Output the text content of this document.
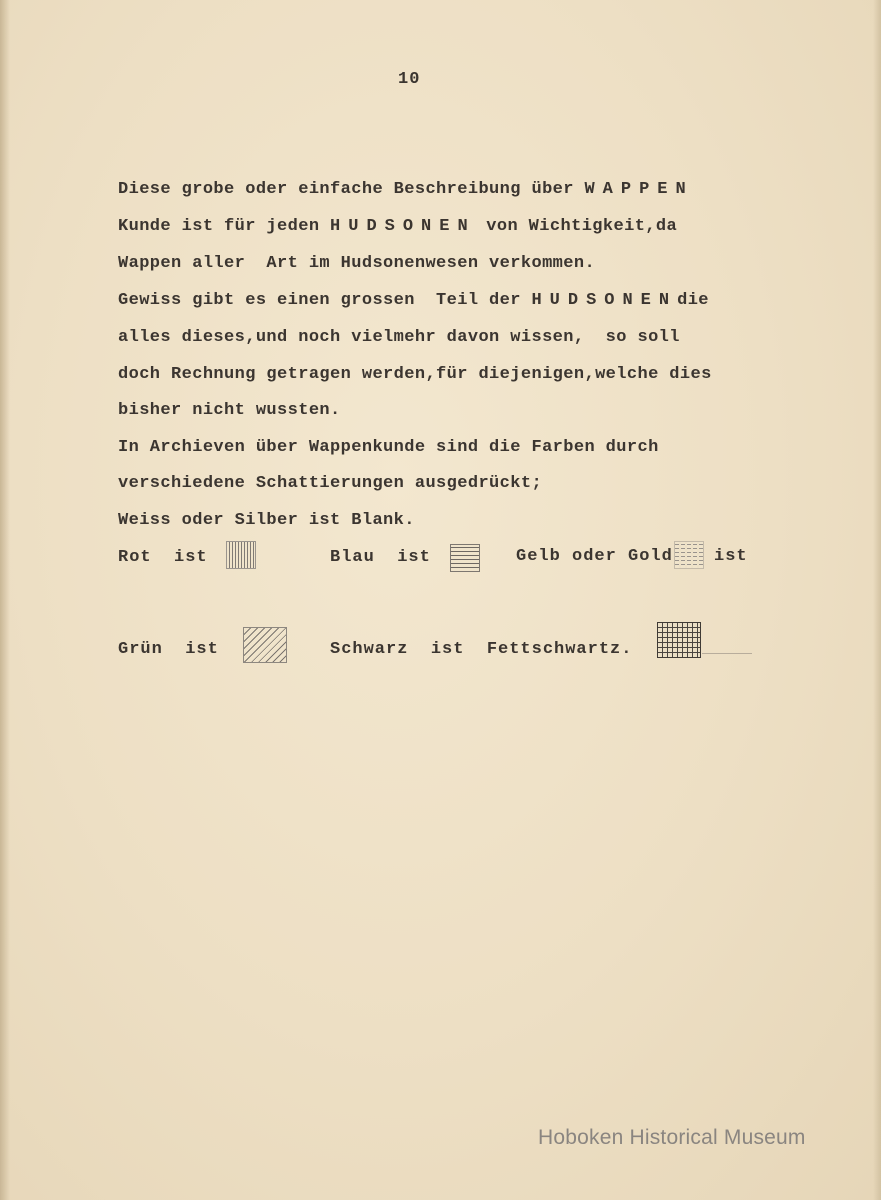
10
Diese grobe oder einfache Beschreibung über WAPPEN
Kunde ist für jeden HUDSONEN von Wichtigkeit,da
Wappen aller  Art im Hudsonenwesen verkommen.
Gewiss gibt es einen grossen  Teil der HUDSONENdie
alles dieses,und noch vielmehr davon wissen,  so soll
doch Rechnung getragen werden,für diejenigen,welche dies
bisher nicht wussten.
In Archieven über Wappenkunde sind die Farben durch
verschiedene Schattierungen ausgedrückt;
Weiss oder Silber ist Blank.
Rot  ist	Blau  ist	Gelb oder Gold ist
Grün  ist	Schwarz  ist  Fettschwartz.
Hoboken Historical Museum
